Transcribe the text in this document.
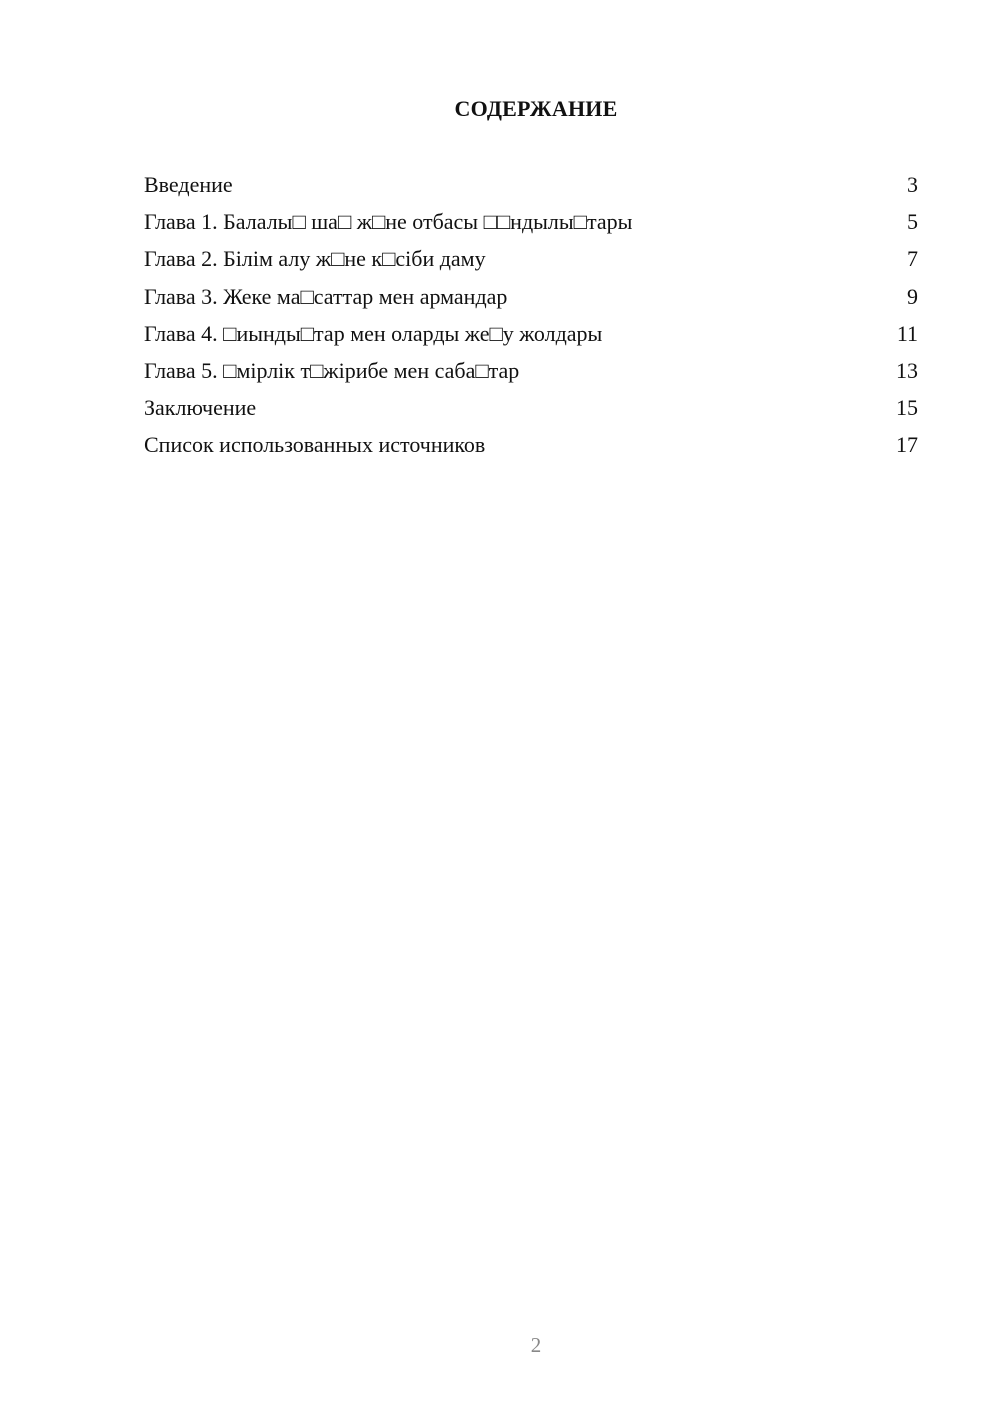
СОДЕРЖАНИЕ
Введение	3
Глава 1. Балалы□ ша□ ж□не отбасы □□ндылы□тары	5
Глава 2. Білім алу ж□не к□сіби даму	7
Глава 3. Жеке ма□саттар мен армандар	9
Глава 4. □иынды□тар мен оларды же□у жолдары	11
Глава 5. □мірлік т□жірибе мен саба□тар	13
Заключение	15
Список использованных источников	17
2
